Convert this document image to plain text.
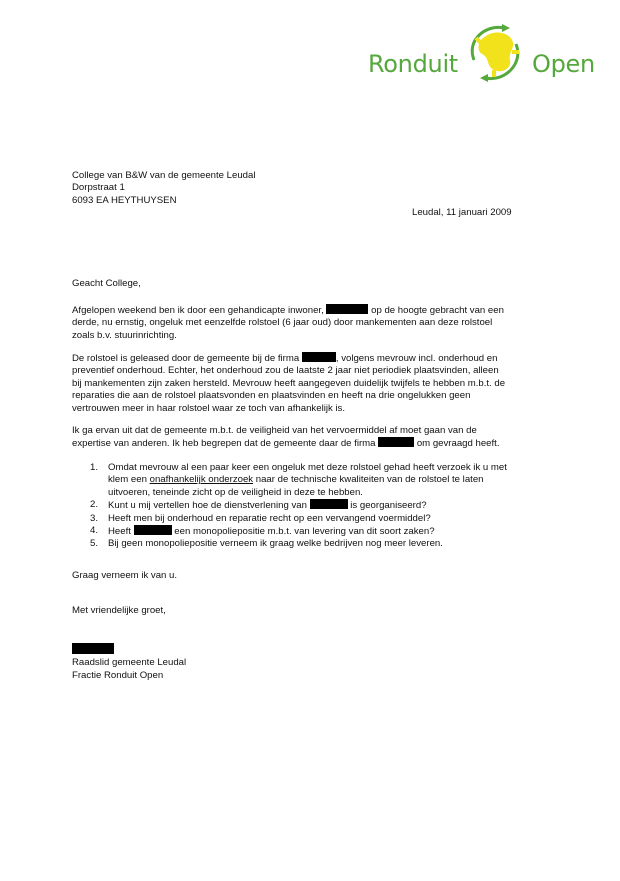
Ronduit	Open
College van B&W van de gemeente Leudal
Dorpstraat 1
6093 EA HEYTHUYSEN
Leudal, 11 januari 2009
Geacht College,
Afgelopen weekend ben ik door een gehandicapte inwoner,	op de hoogte gebracht van een
derde, nu ernstig, ongeluk met eenzelfde rolstoel (6 jaar oud) door mankementen aan deze rolstoel
zoals b.v. stuurinrichting.
De rolstoel is geleased door de gemeente bij de firma	, volgens mevrouw incl. onderhoud en
preventief onderhoud. Echter, het onderhoud zou de laatste 2 jaar niet periodiek plaatsvinden, alleen
bij mankementen zijn zaken hersteld. Mevrouw heeft aangegeven duidelijk twijfels te hebben m.b.t. de
reparaties die aan de rolstoel plaatsvonden en plaatsvinden en heeft na drie ongelukken geen
vertrouwen meer in haar rolstoel waar ze toch van afhankelijk is.
Ik ga ervan uit dat de gemeente m.b.t. de veiligheid van het vervoermiddel af moet gaan van de
expertise van anderen. Ik heb begrepen dat de gemeente daar de firma	om gevraagd heeft.
1. Omdat mevrouw al een paar keer een ongeluk met deze rolstoel gehad heeft verzoek ik u met
klem een onafhankelijk onderzoek naar de technische kwaliteiten van de rolstoel te laten
uitvoeren, teneinde zicht op de veiligheid in deze te hebben.
2. Kunt u mij vertellen hoe de dienstverlening van	is georganiseerd?
3. Heeft men bij onderhoud en reparatie recht op een vervangend voermiddel?
4. Heeft	een monopoliepositie m.b.t. van levering van dit soort zaken?
5. Bij geen monopoliepositie verneem ik graag welke bedrijven nog meer leveren.
Graag verneem ik van u.
Met vriendelijke groet,
Raadslid gemeente Leudal
Fractie Ronduit Open
